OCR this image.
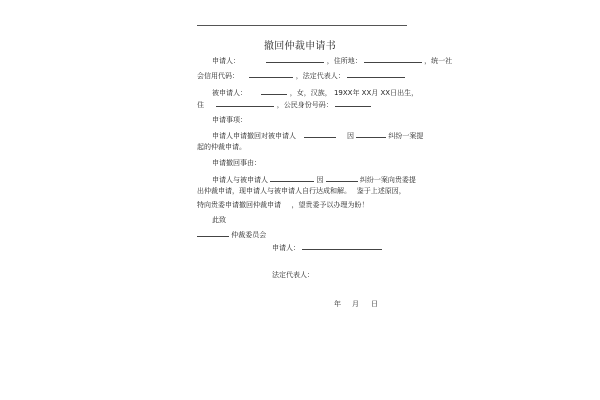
撤回仲裁申请书
申请人：	，住所地：	，统一社
会信用代码：	，法定代表人：
被申请人：	，女，汉族， 19XX年 XX月 XX日出生，
住	，公民身份号码：
申请事项：
申请人申请撤回对被申请人	因	纠纷一案提
起的仲裁申请。
申请撤回事由：
申请人与被申请人	因	纠纷一案向贵委提
出仲裁申请，现申请人与被申请人自行达成和解。　 鉴于上述原因，
特向贵委申请撤回仲裁申请 ，望贵委予以办理为盼！
此致
仲裁委员会
申请人：
法定代表人：
年 月 日
